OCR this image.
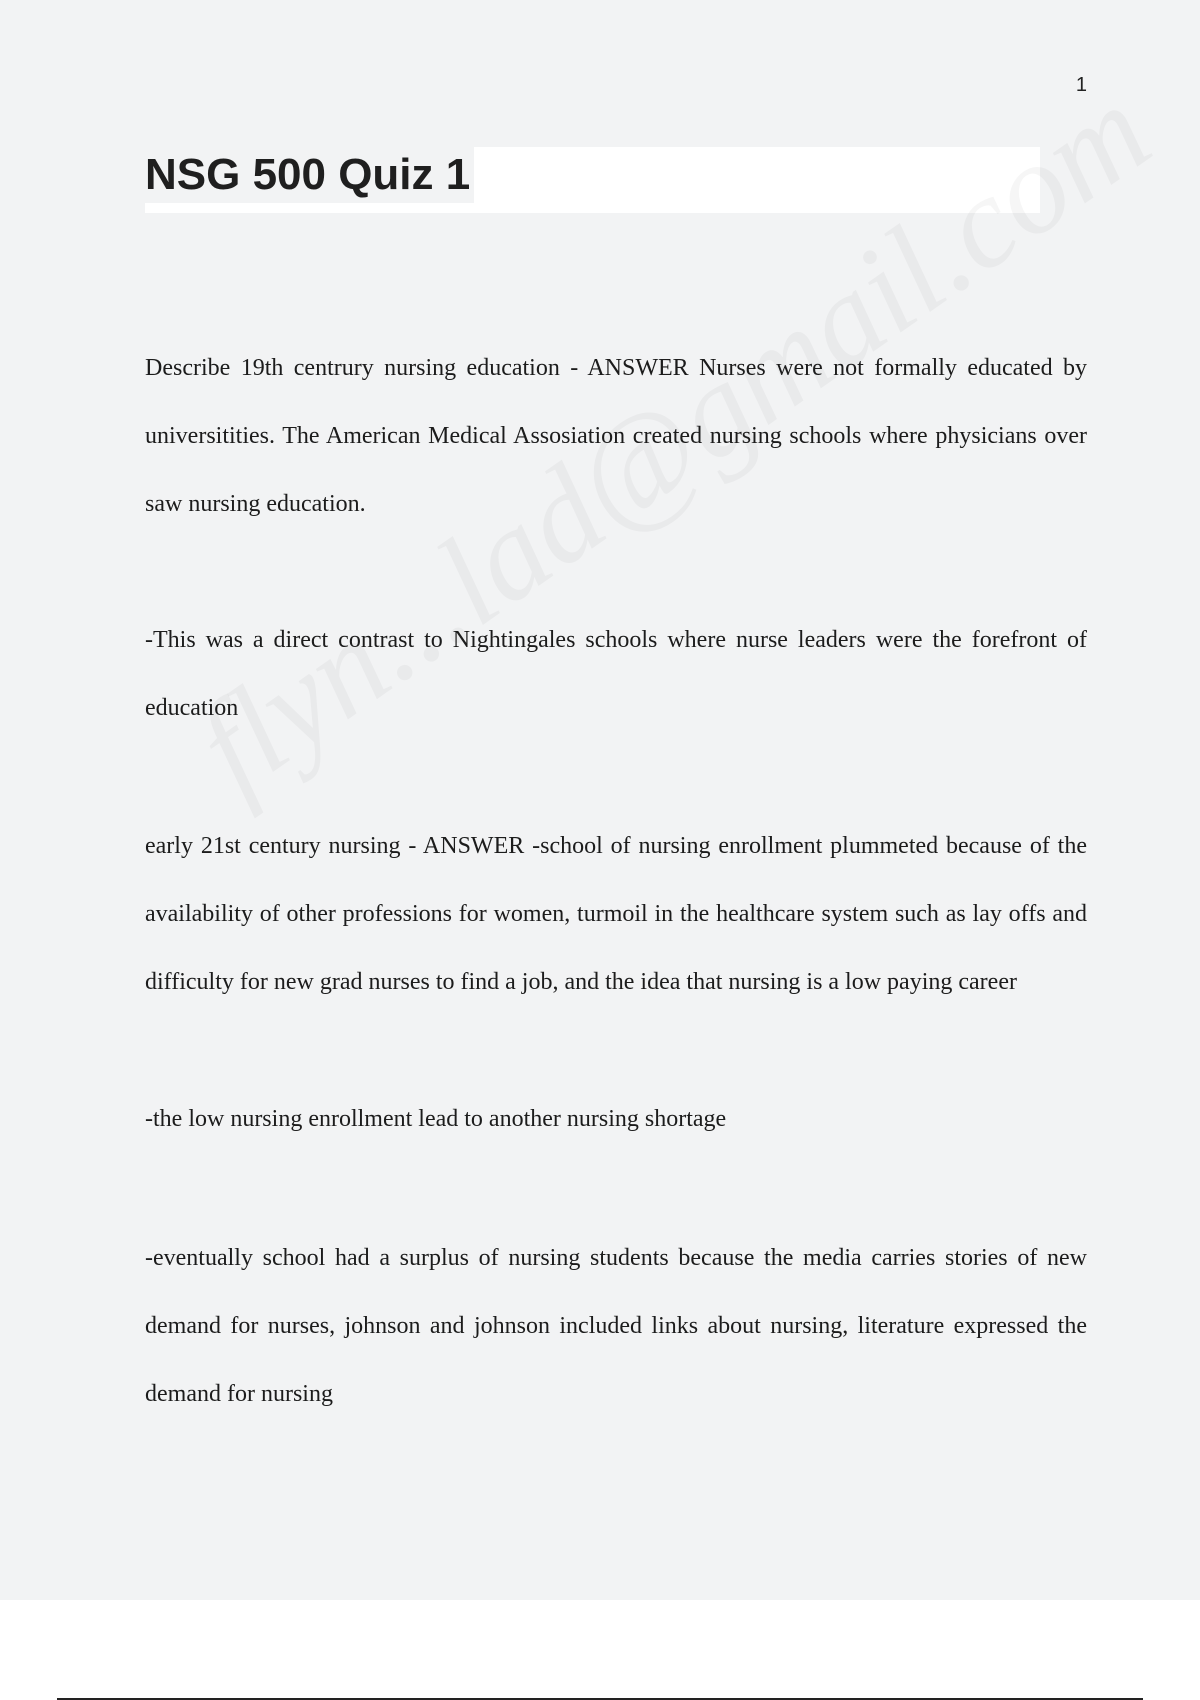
1
NSG 500 Quiz 1

Describe 19th centrury nursing education - ANSWER Nurses were not formally educated by universitities. The American Medical Assosiation created nursing schools where physicians over saw nursing education.

-This was a direct contrast to Nightingales schools where nurse leaders were the forefront of education

early 21st century nursing - ANSWER -school of nursing enrollment plummeted because of the availability of other professions for women, turmoil in the healthcare system such as lay offs and difficulty for new grad nurses to find a job, and the idea that nursing is a low paying career

-the low nursing enrollment lead to another nursing shortage

-eventually school had a surplus of nursing students because the media carries stories of new demand for nurses, johnson and johnson included links about nursing, literature expressed the demand for nursing
